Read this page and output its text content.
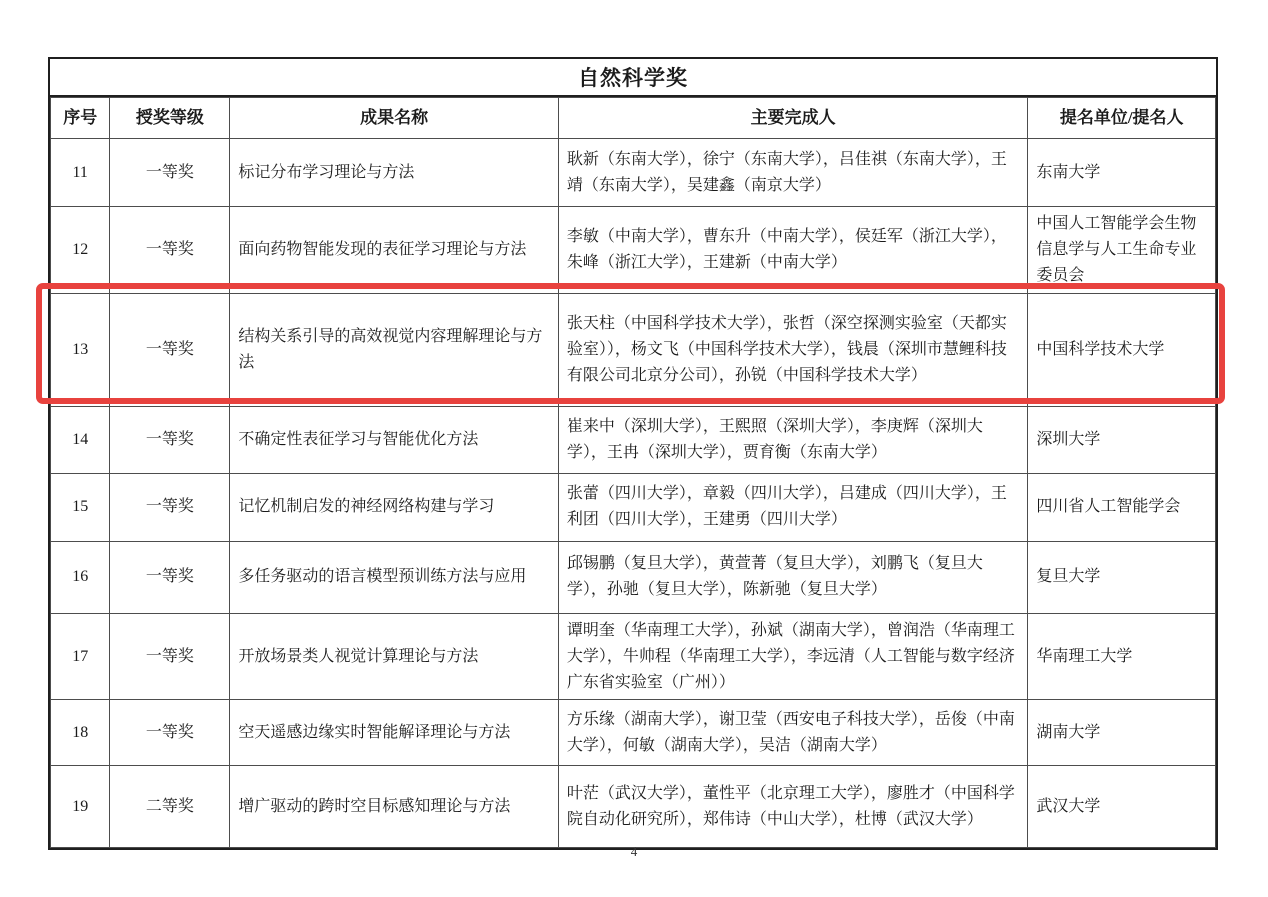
自然科学奖
序号	授奖等级	成果名称	主要完成人	提名单位/提名人
11	一等奖	标记分布学习理论与方法	耿新（东南大学），徐宁（东南大学），吕佳祺（东南大学），王靖（东南大学），吴建鑫（南京大学）	东南大学
12	一等奖	面向药物智能发现的表征学习理论与方法	李敏（中南大学），曹东升（中南大学），侯廷军（浙江大学），朱峰（浙江大学），王建新（中南大学）	中国人工智能学会生物信息学与人工生命专业委员会
13	一等奖	结构关系引导的高效视觉内容理解理论与方法	张天柱（中国科学技术大学），张哲（深空探测实验室（天都实验室）），杨文飞（中国科学技术大学），钱晨（深圳市慧鲤科技有限公司北京分公司），孙锐（中国科学技术大学）	中国科学技术大学
14	一等奖	不确定性表征学习与智能优化方法	崔来中（深圳大学），王熙照（深圳大学），李庚辉（深圳大学），王冉（深圳大学），贾育衡（东南大学）	深圳大学
15	一等奖	记忆机制启发的神经网络构建与学习	张蕾（四川大学），章毅（四川大学），吕建成（四川大学），王利团（四川大学），王建勇（四川大学）	四川省人工智能学会
16	一等奖	多任务驱动的语言模型预训练方法与应用	邱锡鹏（复旦大学），黄萱菁（复旦大学），刘鹏飞（复旦大学），孙驰（复旦大学），陈新驰（复旦大学）	复旦大学
17	一等奖	开放场景类人视觉计算理论与方法	谭明奎（华南理工大学），孙斌（湖南大学），曾润浩（华南理工大学），牛帅程（华南理工大学），李远清（人工智能与数字经济广东省实验室（广州））	华南理工大学
18	一等奖	空天遥感边缘实时智能解译理论与方法	方乐缘（湖南大学），谢卫莹（西安电子科技大学），岳俊（中南大学），何敏（湖南大学），吴洁（湖南大学）	湖南大学
19	二等奖	增广驱动的跨时空目标感知理论与方法	叶茫（武汉大学），董性平（北京理工大学），廖胜才（中国科学院自动化研究所），郑伟诗（中山大学），杜博（武汉大学）	武汉大学
4
